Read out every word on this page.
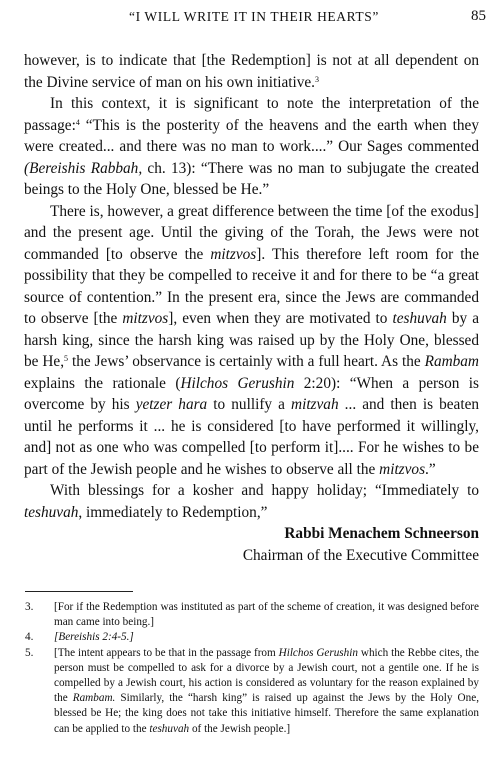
“I WILL WRITE IT IN THEIR HEARTS”	85

however, is to indicate that [the Redemption] is not at all dependent on the Divine service of man on his own initiative.$^3$

In this context, it is significant to note the interpretation of the passage:$^4$ “This is the posterity of the heavens and the earth when they were created... and there was no man to work....” Our Sages commented (Bereishis Rabbah, ch. 13): “There was no man to subjugate the created beings to the Holy One, blessed be He.”

There is, however, a great difference between the time [of the exodus] and the present age. Until the giving of the Torah, the Jews were not commanded [to observe the mitzvos]. This therefore left room for the possibility that they be compelled to receive it and for there to be “a great source of contention.” In the present era, since the Jews are commanded to observe [the mitzvos], even when they are motivated to teshuvah by a harsh king, since the harsh king was raised up by the Holy One, blessed be He,$^5$ the Jews’ observance is certainly with a full heart. As the Rambam explains the rationale (Hilchos Gerushin 2:20): “When a person is overcome by his yetzer hara to nullify a mitzvah ... and then is beaten until he performs it ... he is considered [to have performed it willingly, and] not as one who was compelled [to perform it].... For he wishes to be part of the Jewish people and he wishes to observe all the mitzvos.”

With blessings for a kosher and happy holiday; “Immediately to teshuvah, immediately to Redemption,”

Rabbi Menachem Schneerson

Chairman of the Executive Committee

3. [For if the Redemption was instituted as part of the scheme of creation, it was designed before man came into being.]
4. [Bereishis 2:4-5.]
5. [The intent appears to be that in the passage from Hilchos Gerushin which the Rebbe cites, the person must be compelled to ask for a divorce by a Jewish court, not a gentile one. If he is compelled by a Jewish court, his action is considered as voluntary for the reason explained by the Rambam. Similarly, the “harsh king” is raised up against the Jews by the Holy One, blessed be He; the king does not take this initiative himself. Therefore the same explanation can be applied to the teshuvah of the Jewish people.]
